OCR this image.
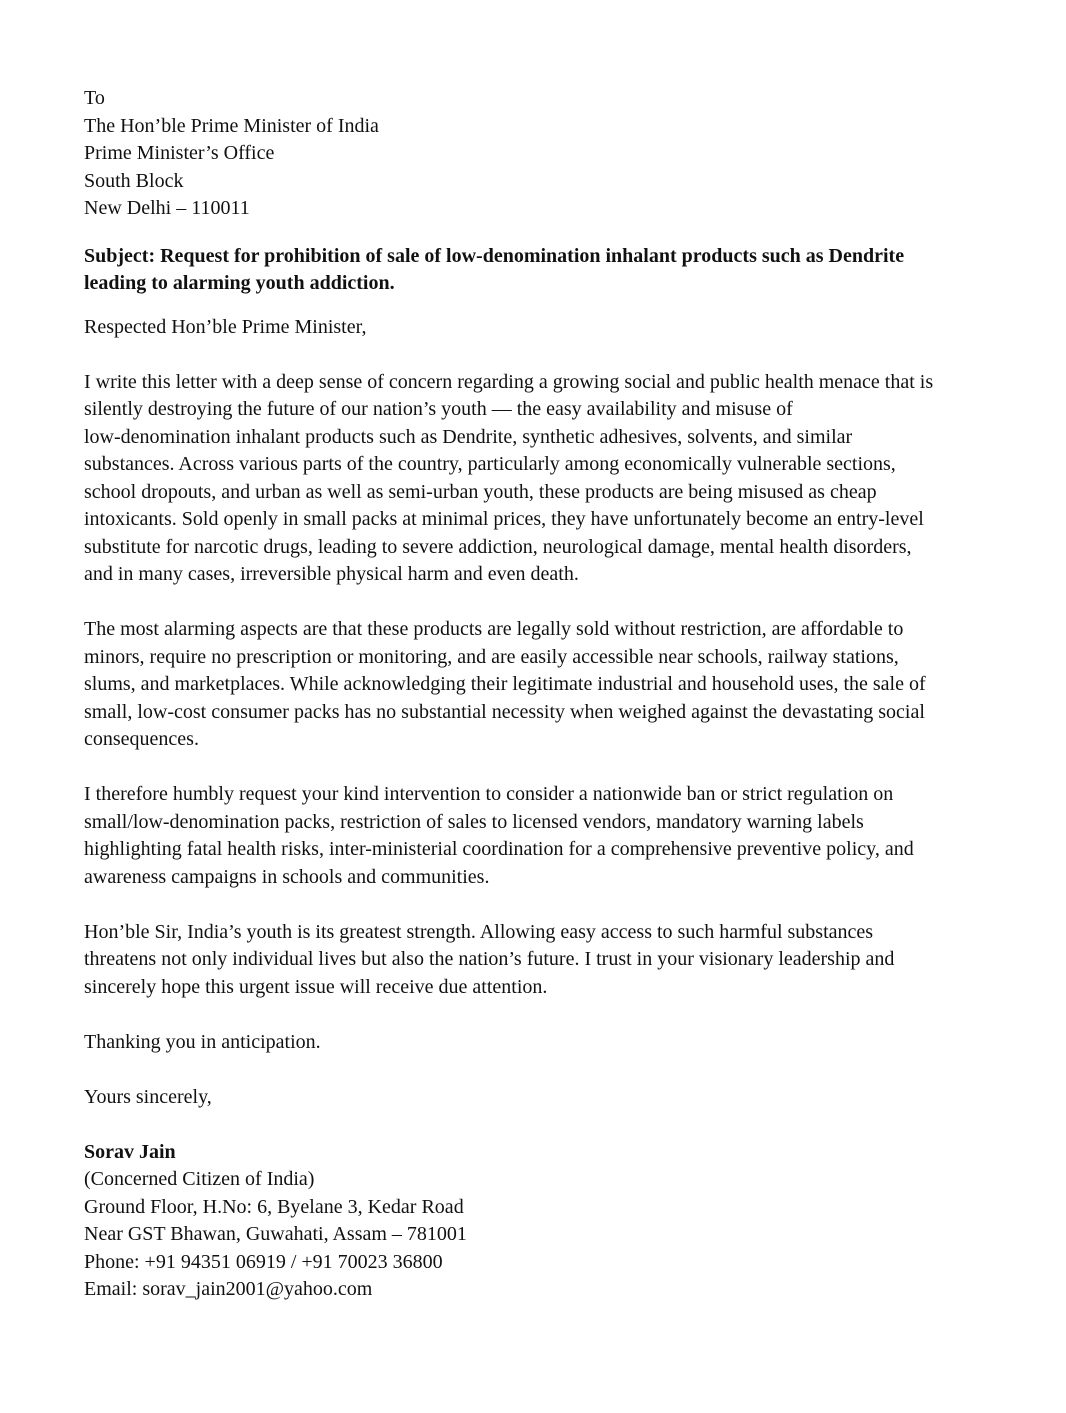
To
The Hon’ble Prime Minister of India
Prime Minister’s Office
South Block
New Delhi – 110011
Subject: Request for prohibition of sale of low-denomination inhalant products such as Dendrite
leading to alarming youth addiction.
Respected Hon’ble Prime Minister,
I write this letter with a deep sense of concern regarding a growing social and public health menace that is
silently destroying the future of our nation’s youth — the easy availability and misuse of
low-denomination inhalant products such as Dendrite, synthetic adhesives, solvents, and similar
substances. Across various parts of the country, particularly among economically vulnerable sections,
school dropouts, and urban as well as semi-urban youth, these products are being misused as cheap
intoxicants. Sold openly in small packs at minimal prices, they have unfortunately become an entry-level
substitute for narcotic drugs, leading to severe addiction, neurological damage, mental health disorders,
and in many cases, irreversible physical harm and even death.
The most alarming aspects are that these products are legally sold without restriction, are affordable to
minors, require no prescription or monitoring, and are easily accessible near schools, railway stations,
slums, and marketplaces. While acknowledging their legitimate industrial and household uses, the sale of
small, low-cost consumer packs has no substantial necessity when weighed against the devastating social
consequences.
I therefore humbly request your kind intervention to consider a nationwide ban or strict regulation on
small/low-denomination packs, restriction of sales to licensed vendors, mandatory warning labels
highlighting fatal health risks, inter-ministerial coordination for a comprehensive preventive policy, and
awareness campaigns in schools and communities.
Hon’ble Sir, India’s youth is its greatest strength. Allowing easy access to such harmful substances
threatens not only individual lives but also the nation’s future. I trust in your visionary leadership and
sincerely hope this urgent issue will receive due attention.
Thanking you in anticipation.
Yours sincerely,
Sorav Jain
(Concerned Citizen of India)
Ground Floor, H.No: 6, Byelane 3, Kedar Road
Near GST Bhawan, Guwahati, Assam – 781001
Phone: +91 94351 06919 / +91 70023 36800
Email: sorav_jain2001@yahoo.com
